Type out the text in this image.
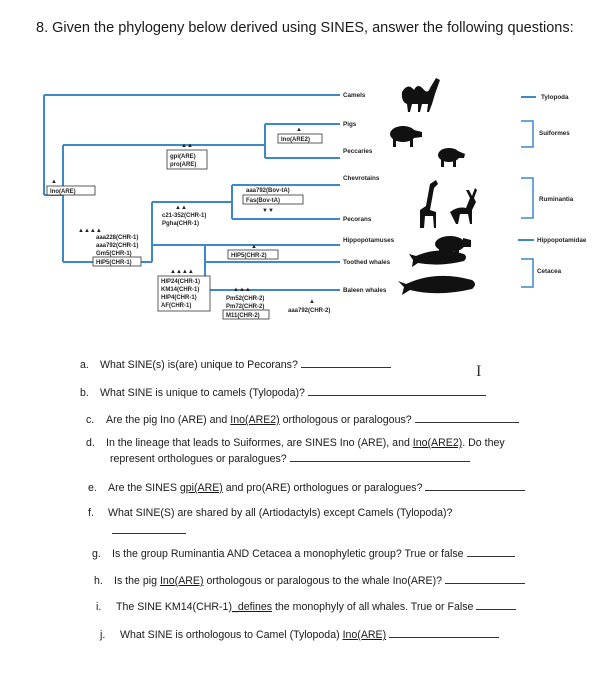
8. Given the phylogeny below derived using SINES, answer the following questions:
Camels
Pigs
Peccaries
Chevrotains
Pecorans
Hippopotamuses
Toothed whales
Baleen whales
Tylopoda
Suiformes
Ruminantia
Hippopotamidae
Cetacea
▲
Ino(ARE)
▲
Ino(ARE2)
▲▲
gpi(ARE)
pro(ARE)
▲▲
c21-352(CHR-1)
Pgha(CHR-1)
aaa792(Bov-tA)
Fas(Bov-tA)
▼▼
▲▲▲▲
aaa228(CHR-1)
aaa792(CHR-1)
Gm5(CHR-1)
HIP5(CHR-1)
▲
HIP5(CHR-2)
▲▲▲▲
HIP24(CHR-1)
KM14(CHR-1)
HIP4(CHR-1)
AF(CHR-1)
▲▲▲
Pm52(CHR-2)
Pm72(CHR-2)
M11(CHR-2)
▲
aaa792(CHR-2)
I
a. What SINE(s) is(are) unique to Pecorans?
b. What SINE is unique to camels (Tylopoda)?
c. Are the pig Ino (ARE) and Ino(ARE2) orthologous or paralogous?
d. In the lineage that leads to Suiformes, are SINES Ino (ARE), and Ino(ARE2). Do they
represent orthologues or paralogues?
e. Are the SINES gpi(ARE) and pro(ARE) orthologues or paralogues?
f. What SINE(S) are shared by all (Artiodactyls) except Camels (Tylopoda)?
g. Is the group Ruminantia AND Cetacea a monophyletic group? True or false
h. Is the pig Ino(ARE) orthologous or paralogous to the whale Ino(ARE)?
i. The SINE KM14(CHR-1)_defines the monophyly of all whales. True or False
j. What SINE is orthologous to Camel (Tylopoda) Ino(ARE)
